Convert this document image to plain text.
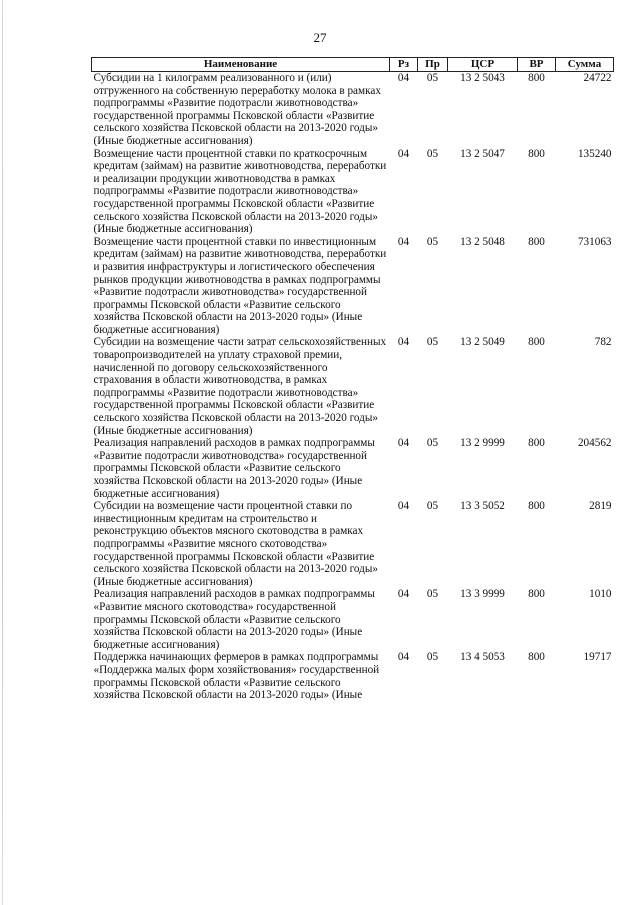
27
Наименование	Рз	Пр	ЦСР	ВР	Сумма
Субсидии на 1 килограмм реализованного и (или) отгруженного на собственную переработку молока в рамках подпрограммы «Развитие подотрасли животноводства» государственной программы Псковской области «Развитие сельского хозяйства Псковской области на 2013-2020 годы» (Иные бюджетные ассигнования)	04	05	13 2 5043	800	24722
Возмещение части процентной ставки по краткосрочным кредитам (займам) на развитие животноводства, переработки и реализации продукции животноводства в рамках подпрограммы «Развитие подотрасли животноводства» государственной программы Псковской области «Развитие сельского хозяйства Псковской области на 2013-2020 годы» (Иные бюджетные ассигнования)	04	05	13 2 5047	800	135240
Возмещение части процентной ставки по инвестиционным кредитам (займам) на развитие животноводства, переработки и развития инфраструктуры и логистического обеспечения рынков продукции животноводства в рамках подпрограммы «Развитие подотрасли животноводства» государственной программы Псковской области «Развитие сельского хозяйства Псковской области на 2013-2020 годы» (Иные бюджетные ассигнования)	04	05	13 2 5048	800	731063
Субсидии на возмещение части затрат сельскохозяйственных товаропроизводителей на уплату страховой премии, начисленной по договору сельскохозяйственного страхования в области животноводства, в рамках подпрограммы «Развитие подотрасли животноводства» государственной программы Псковской области «Развитие сельского хозяйства Псковской области на 2013-2020 годы» (Иные бюджетные ассигнования)	04	05	13 2 5049	800	782
Реализация направлений расходов в рамках подпрограммы «Развитие подотрасли животноводства» государственной программы Псковской области «Развитие сельского хозяйства Псковской области на 2013-2020 годы» (Иные бюджетные ассигнования)	04	05	13 2 9999	800	204562
Субсидии на возмещение части процентной ставки по инвестиционным кредитам на строительство и реконструкцию объектов мясного скотоводства в рамках подпрограммы «Развитие мясного скотоводства» государственной программы Псковской области «Развитие сельского хозяйства Псковской области на 2013-2020 годы» (Иные бюджетные ассигнования)	04	05	13 3 5052	800	2819
Реализация направлений расходов в рамках подпрограммы «Развитие мясного скотоводства» государственной программы Псковской области «Развитие сельского хозяйства Псковской области на 2013-2020 годы» (Иные бюджетные ассигнования)	04	05	13 3 9999	800	1010
Поддержка начинающих фермеров в рамках подпрограммы «Поддержка малых форм хозяйствования» государственной программы Псковской области «Развитие сельского хозяйства Псковской области на 2013-2020 годы» (Иные	04	05	13 4 5053	800	19717
